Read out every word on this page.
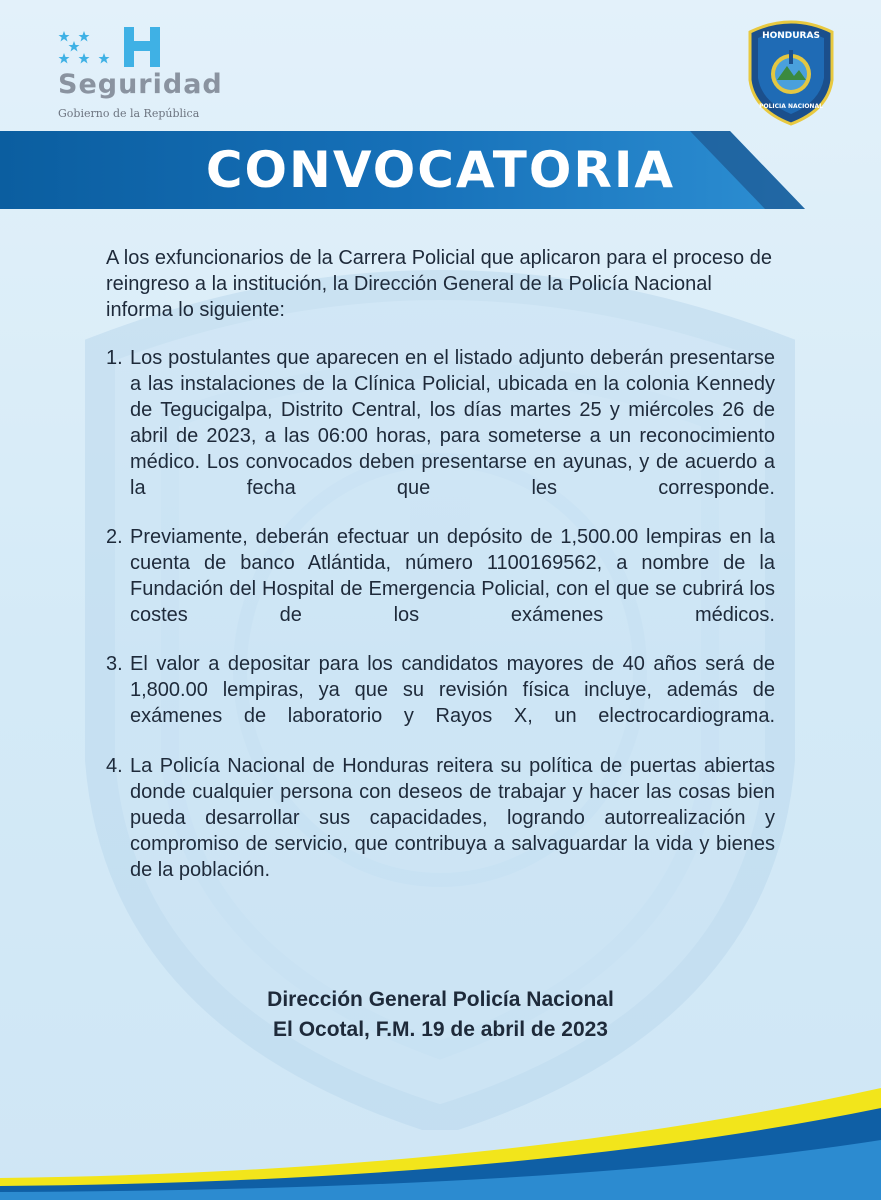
Seguridad
Gobierno de la República
HONDURAS
POLICIA NACIONAL
CONVOCATORIA

A los exfuncionarios de la Carrera Policial que aplicaron para el proceso de reingreso a la institución, la Dirección General de la Policía Nacional informa lo siguiente:

1. Los postulantes que aparecen en el listado adjunto deberán presentarse a las instalaciones de la Clínica Policial, ubicada en la colonia Kennedy de Tegucigalpa, Distrito Central, los días martes 25 y miércoles 26 de abril de 2023, a las 06:00 horas, para someterse a un reconocimiento médico. Los convocados deben presentarse en ayunas, y de acuerdo a la fecha que les corresponde.
2. Previamente, deberán efectuar un depósito de 1,500.00 lempiras en la cuenta de banco Atlántida, número 1100169562, a nombre de la Fundación del Hospital de Emergencia Policial, con el que se cubrirá los costes de los exámenes médicos.
3. El valor a depositar para los candidatos mayores de 40 años será de 1,800.00 lempiras, ya que su revisión física incluye, además de exámenes de laboratorio y Rayos X, un electrocardiograma.
4. La Policía Nacional de Honduras reitera su política de puertas abiertas donde cualquier persona con deseos de trabajar y hacer las cosas bien pueda desarrollar sus capacidades, logrando autorrealización y compromiso de servicio, que contribuya a salvaguardar la vida y bienes de la población.
Dirección General Policía Nacional
El Ocotal, F.M. 19 de abril de 2023
